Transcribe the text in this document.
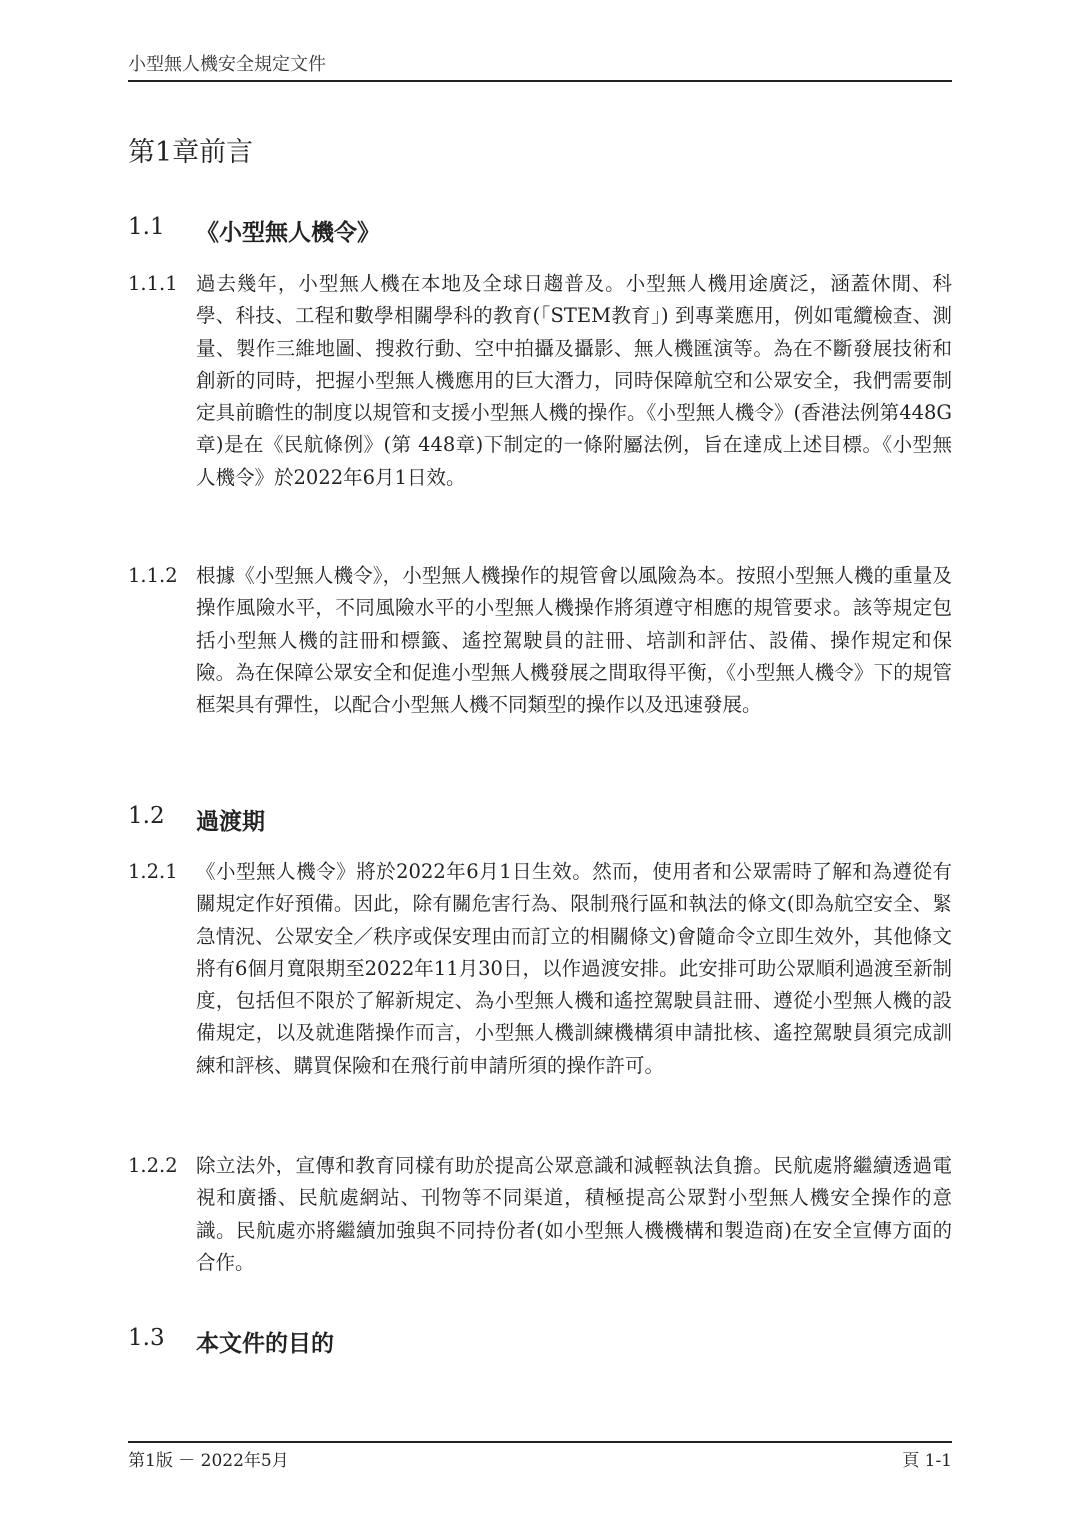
小型無人機安全規定文件
第1章前言
1.1	《小型無人機令》
1.1.1 過去幾年，小型無人機在本地及全球日趨普及。小型無人機用途廣泛，涵蓋休閒、科學、科技、工程和數學相關學科的教育(「STEM教育」) 到專業應用，例如電纜檢查、測量、製作三維地圖、搜救行動、空中拍攝及攝影、無人機匯演等。為在不斷發展技術和創新的同時，把握小型無人機應用的巨大潛力，同時保障航空和公眾安全，我們需要制定具前瞻性的制度以規管和支援小型無人機的操作。《小型無人機令》(香港法例第448G章)是在《民航條例》(第 448章)下制定的一條附屬法例，旨在達成上述目標。《小型無人機令》於2022年6月1日效。
1.1.2 根據《小型無人機令》，小型無人機操作的規管會以風險為本。按照小型無人機的重量及操作風險水平，不同風險水平的小型無人機操作將須遵守相應的規管要求。該等規定包括小型無人機的註冊和標籤、遙控駕駛員的註冊、培訓和評估、設備、操作規定和保險。為在保障公眾安全和促進小型無人機發展之間取得平衡，《小型無人機令》下的規管框架具有彈性，以配合小型無人機不同類型的操作以及迅速發展。
1.2	過渡期
1.2.1 《小型無人機令》將於2022年6月1日生效。然而，使用者和公眾需時了解和為遵從有關規定作好預備。因此，除有關危害行為、限制飛行區和執法的條文(即為航空安全、緊急情況、公眾安全／秩序或保安理由而訂立的相關條文)會隨命令立即生效外，其他條文將有6個月寬限期至2022年11月30日，以作過渡安排。此安排可助公眾順利過渡至新制度，包括但不限於了解新規定、為小型無人機和遙控駕駛員註冊、遵從小型無人機的設備規定，以及就進階操作而言，小型無人機訓練機構須申請批核、遙控駕駛員須完成訓練和評核、購買保險和在飛行前申請所須的操作許可。
1.2.2 除立法外，宣傳和教育同樣有助於提高公眾意識和減輕執法負擔。民航處將繼續透過電視和廣播、民航處網站、刊物等不同渠道，積極提高公眾對小型無人機安全操作的意識。民航處亦將繼續加強與不同持份者(如小型無人機機構和製造商)在安全宣傳方面的合作。
1.3	本文件的目的
第1版 － 2022年5月	頁 1-1
